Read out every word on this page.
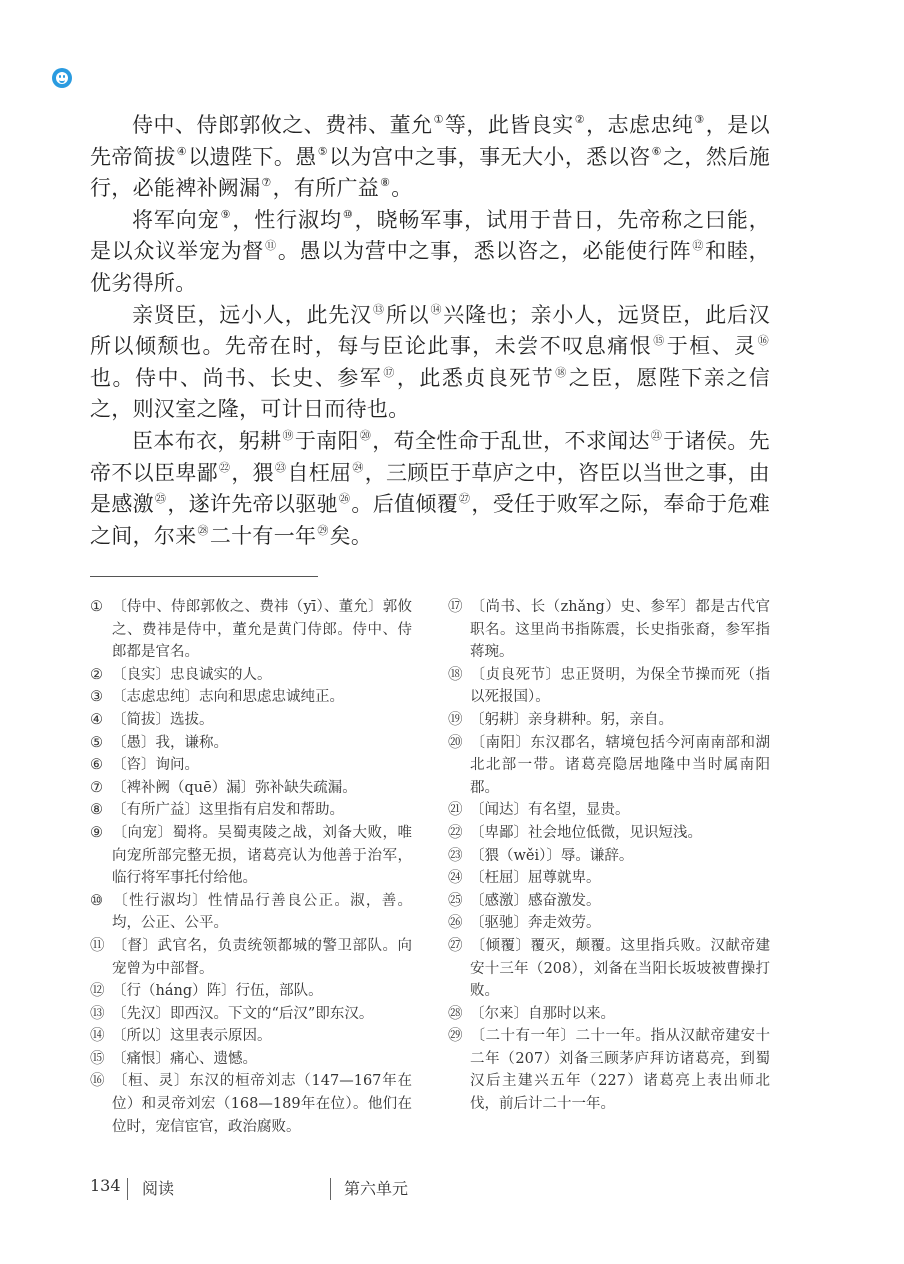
侍中、侍郎郭攸之、费祎、董允①等，此皆良实②，志虑忠纯③，是以先帝简拔④以遗陛下。愚⑤以为宫中之事，事无大小，悉以咨⑥之，然后施行，必能裨补阙漏⑦，有所广益⑧。

将军向宠⑨，性行淑均⑩，晓畅军事，试用于昔日，先帝称之曰能，是以众议举宠为督⑪。愚以为营中之事，悉以咨之，必能使行阵⑫和睦，优劣得所。

亲贤臣，远小人，此先汉⑬所以⑭兴隆也；亲小人，远贤臣，此后汉所以倾颓也。先帝在时，每与臣论此事，未尝不叹息痛恨⑮于桓、灵⑯也。侍中、尚书、长史、参军⑰，此悉贞良死节⑱之臣，愿陛下亲之信之，则汉室之隆，可计日而待也。

臣本布衣，躬耕⑲于南阳⑳，苟全性命于乱世，不求闻达$^㉑$于诸侯。先帝不以臣卑鄙$^㉒$，猥$^㉓$自枉屈$^㉔$，三顾臣于草庐之中，咨臣以当世之事，由是感激$^㉕$，遂许先帝以驱驰$^㉖$。后值倾覆$^㉗$，受任于败军之际，奉命于危难之间，尔来$^㉘$二十有一年$^㉙$矣。

① 〔侍中、侍郎郭攸之、费祎（yī）、董允〕郭攸之、费祎是侍中，董允是黄门侍郎。侍中、侍郎都是官名。
② 〔良实〕忠良诚实的人。
③ 〔志虑忠纯〕志向和思虑忠诚纯正。
④ 〔简拔〕选拔。
⑤ 〔愚〕我，谦称。
⑥ 〔咨〕询问。
⑦ 〔裨补阙（quē）漏〕弥补缺失疏漏。
⑧ 〔有所广益〕这里指有启发和帮助。
⑨ 〔向宠〕蜀将。吴蜀夷陵之战，刘备大败，唯向宠所部完整无损，诸葛亮认为他善于治军，临行将军事托付给他。
⑩ 〔性行淑均〕性情品行善良公正。淑，善。均，公正、公平。
⑪ 〔督〕武官名，负责统领都城的警卫部队。向宠曾为中部督。
⑫ 〔行（háng）阵〕行伍，部队。
⑬ 〔先汉〕即西汉。下文的“后汉”即东汉。
⑭ 〔所以〕这里表示原因。
⑮ 〔痛恨〕痛心、遗憾。
⑯ 〔桓、灵〕东汉的桓帝刘志（147—167年在位）和灵帝刘宏（168—189年在位）。他们在位时，宠信宦官，政治腐败。
⑰ 〔尚书、长（zhǎng）史、参军〕都是古代官职名。这里尚书指陈震，长史指张裔，参军指蒋琬。
⑱ 〔贞良死节〕忠正贤明，为保全节操而死（指以死报国）。
⑲ 〔躬耕〕亲身耕种。躬，亲自。
⑳ 〔南阳〕东汉郡名，辖境包括今河南南部和湖北北部一带。诸葛亮隐居地隆中当时属南阳郡。
㉑ 〔闻达〕有名望，显贵。
㉒ 〔卑鄙〕社会地位低微，见识短浅。
㉓ 〔猥（wěi）〕辱。谦辞。
㉔ 〔枉屈〕屈尊就卑。
㉕ 〔感激〕感奋激发。
㉖ 〔驱驰〕奔走效劳。
㉗ 〔倾覆〕覆灭，颠覆。这里指兵败。汉献帝建安十三年（208），刘备在当阳长坂坡被曹操打败。
㉘ 〔尔来〕自那时以来。
㉙ 〔二十有一年〕二十一年。指从汉献帝建安十二年（207）刘备三顾茅庐拜访诸葛亮，到蜀汉后主建兴五年（227）诸葛亮上表出师北伐，前后计二十一年。
134 阅读	第六单元
